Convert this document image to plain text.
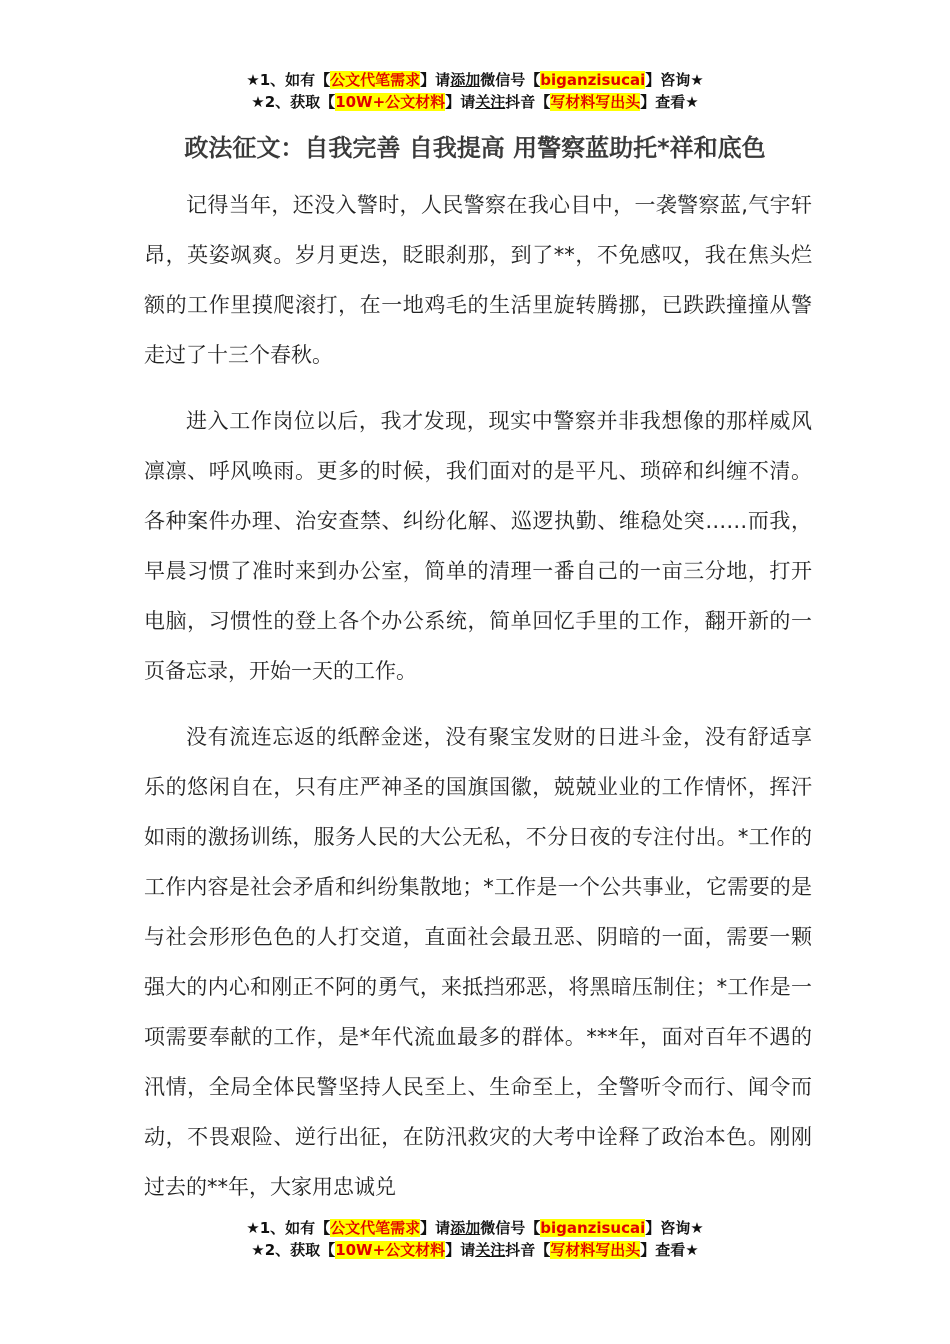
★1、如有【公文代笔需求】请添加微信号【biganzisucai】咨询★
★2、获取【10W+公文材料】请关注抖音【写材料写出头】查看★
政法征文：自我完善 自我提高 用警察蓝助托*祥和底色

记得当年，还没入警时，人民警察在我心目中，一袭警察蓝,气宇轩昂，英姿飒爽。岁月更迭，眨眼刹那，到了**，不免感叹，我在焦头烂额的工作里摸爬滚打，在一地鸡毛的生活里旋转腾挪，已跌跌撞撞从警走过了十三个春秋。

进入工作岗位以后，我才发现，现实中警察并非我想像的那样威风凛凛、呼风唤雨。更多的时候，我们面对的是平凡、琐碎和纠缠不清。各种案件办理、治安查禁、纠纷化解、巡逻执勤、维稳处突……而我，早晨习惯了准时来到办公室，简单的清理一番自己的一亩三分地，打开电脑，习惯性的登上各个办公系统，简单回忆手里的工作，翻开新的一页备忘录，开始一天的工作。

没有流连忘返的纸醉金迷，没有聚宝发财的日进斗金，没有舒适享乐的悠闲自在，只有庄严神圣的国旗国徽，兢兢业业的工作情怀，挥汗如雨的激扬训练，服务人民的大公无私，不分日夜的专注付出。*工作的工作内容是社会矛盾和纠纷集散地；*工作是一个公共事业，它需要的是与社会形形色色的人打交道，直面社会最丑恶、阴暗的一面，需要一颗强大的内心和刚正不阿的勇气，来抵挡邪恶，将黑暗压制住；*工作是一项需要奉献的工作，是*年代流血最多的群体。***年，面对百年不遇的汛情，全局全体民警坚持人民至上、生命至上，全警听令而行、闻令而动，不畏艰险、逆行出征，在防汛救灾的大考中诠释了政治本色。刚刚过去的**年，大家用忠诚兑

★1、如有【公文代笔需求】请添加微信号【biganzisucai】咨询★
★2、获取【10W+公文材料】请关注抖音【写材料写出头】查看★
